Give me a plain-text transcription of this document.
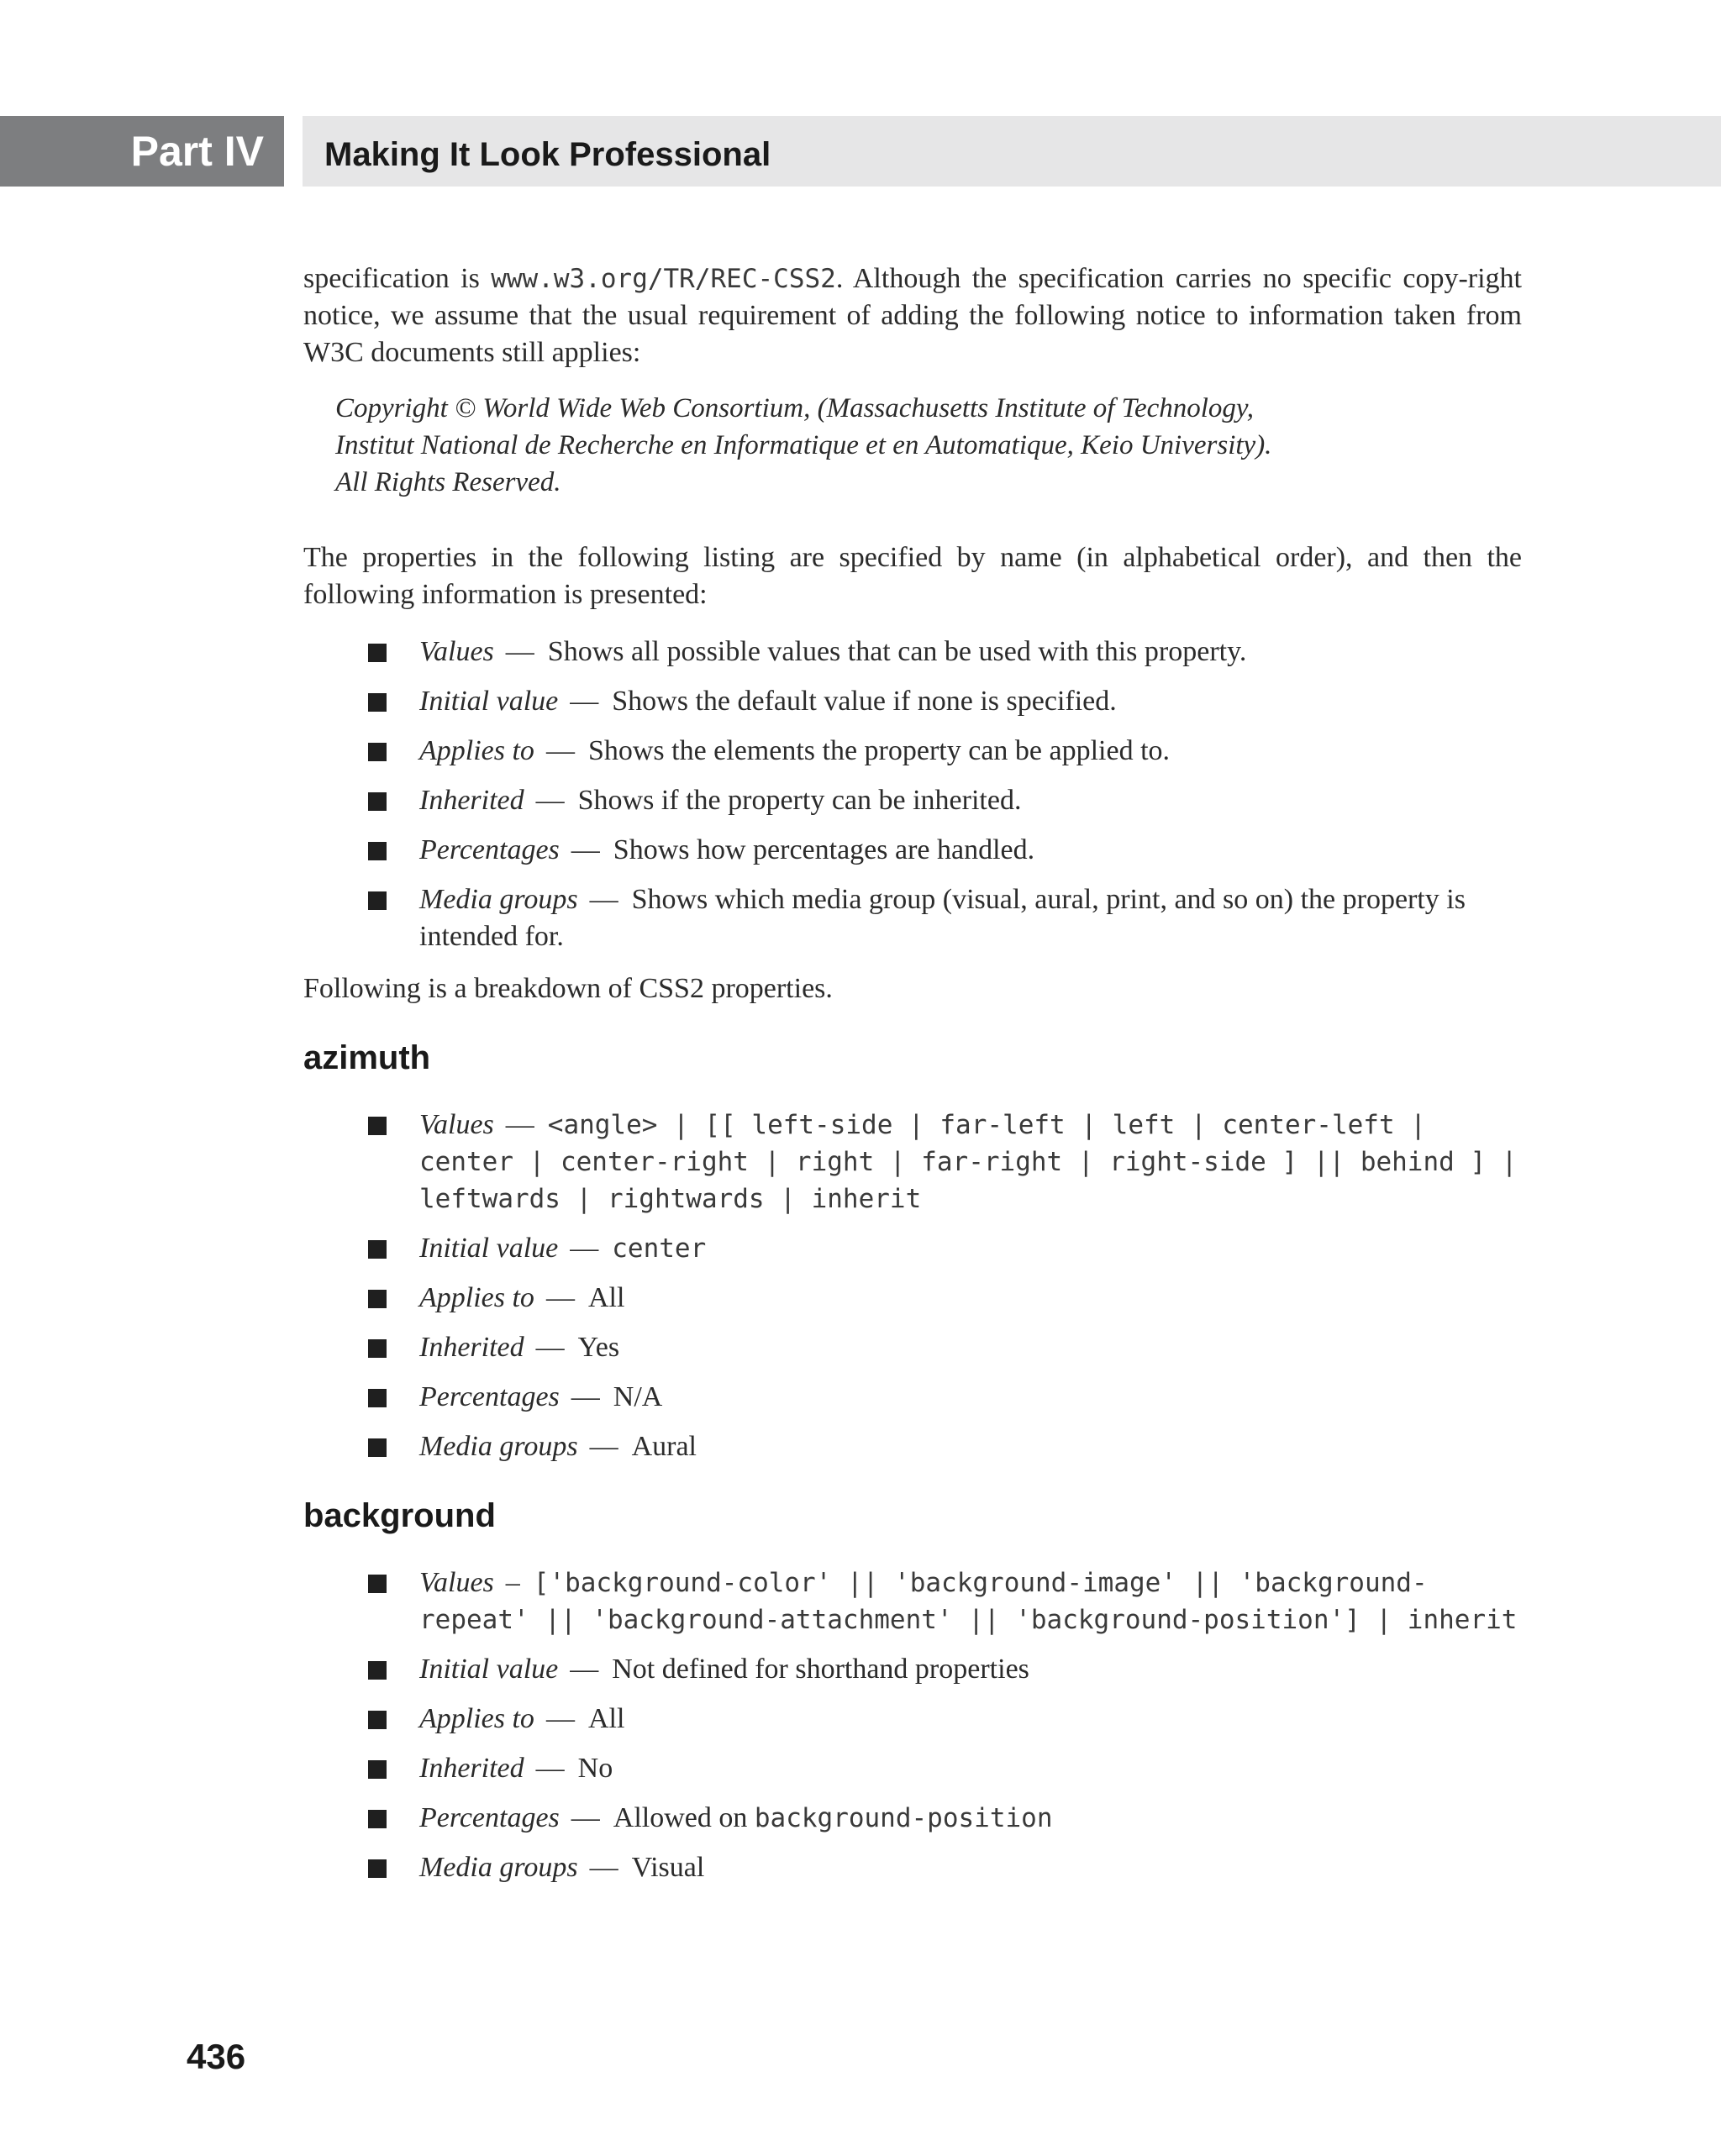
Part IV Making It Look Professional

specification is www.w3.org/TR/REC-CSS2. Although the specification carries no specific copy-right notice, we assume that the usual requirement of adding the following notice to information taken from W3C documents still applies:

Copyright © World Wide Web Consortium, (Massachusetts Institute of Technology,
Institut National de Recherche en Informatique et en Automatique, Keio University).
All Rights Reserved.

The properties in the following listing are specified by name (in alphabetical order), and then the following information is presented:

Values — Shows all possible values that can be used with this property.
Initial value — Shows the default value if none is specified.
Applies to — Shows the elements the property can be applied to.
Inherited — Shows if the property can be inherited.
Percentages — Shows how percentages are handled.
Media groups — Shows which media group (visual, aural, print, and so on) the property is intended for.

Following is a breakdown of CSS2 properties.

azimuth
Values — <angle> | [[ left-side | far-left | left | center-left | center | center-right | right | far-right | right-side ] || behind ] | leftwards | rightwards | inherit
Initial value — center
Applies to — All
Inherited — Yes
Percentages — N/A
Media groups — Aural
background
Values – ['background-color' || 'background-image' || 'background-repeat' || 'background-attachment' || 'background-position'] | inherit
Initial value — Not defined for shorthand properties
Applies to — All
Inherited — No
Percentages — Allowed on background-position
Media groups — Visual
436
